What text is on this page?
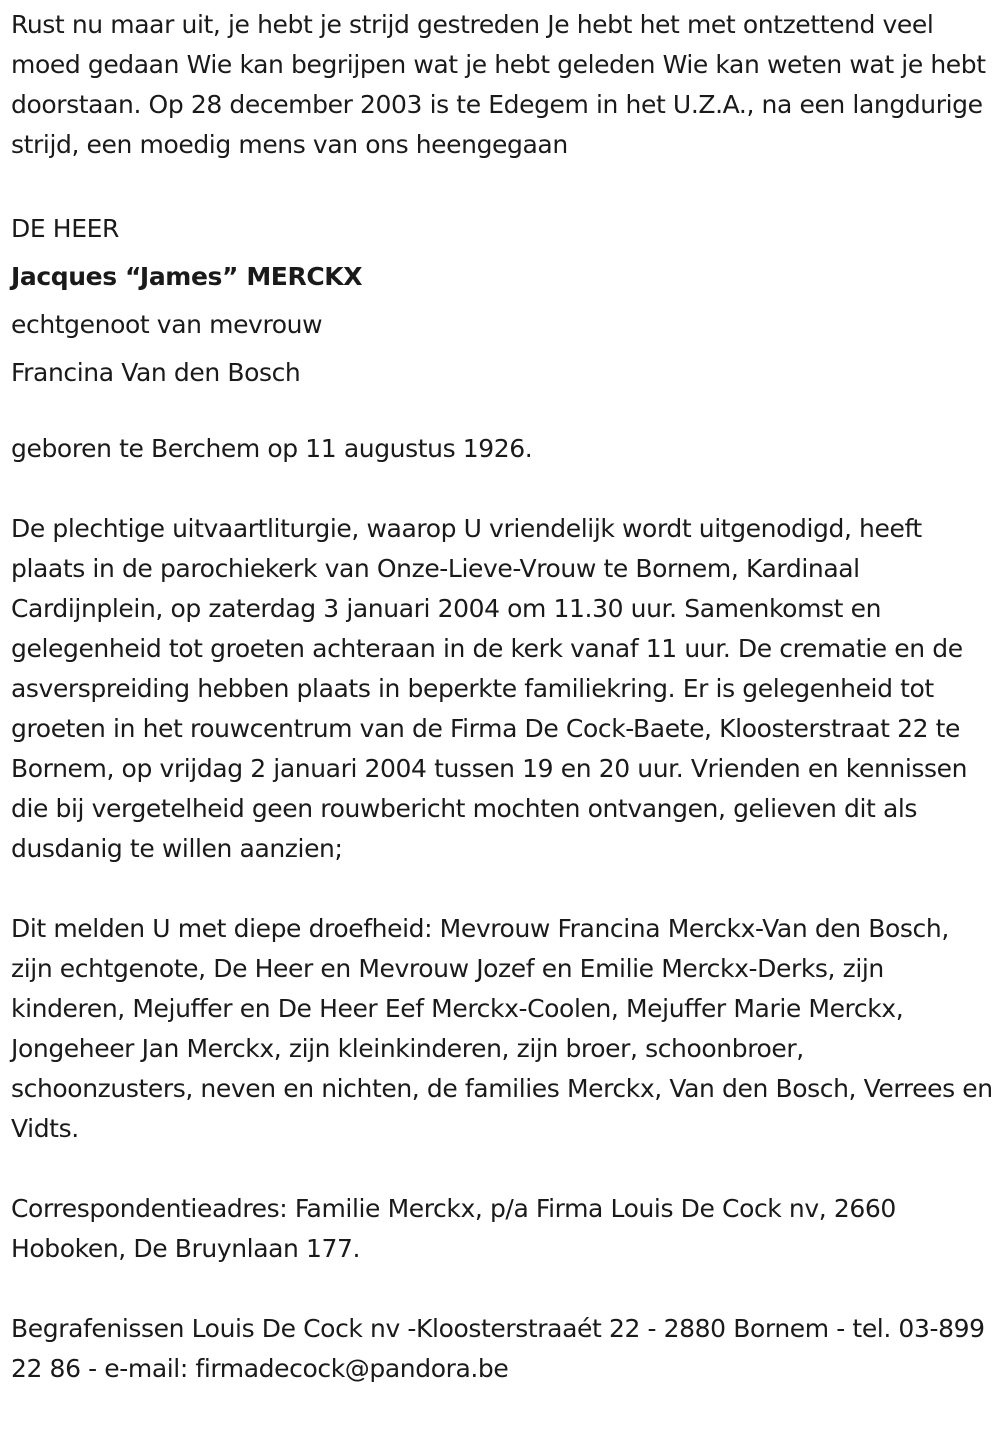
Rust nu maar uit, je hebt je strijd gestreden Je hebt het met ontzettend veel moed gedaan Wie kan begrijpen wat je hebt geleden Wie kan weten wat je hebt doorstaan. Op 28 december 2003 is te Edegem in het U.Z.A., na een langdurige strijd, een moedig mens van ons heengegaan

DE HEER

Jacques “James” MERCKX

echtgenoot van mevrouw

Francina Van den Bosch

geboren te Berchem op 11 augustus 1926.

De plechtige uitvaartliturgie, waarop U vriendelijk wordt uitgenodigd, heeft plaats in de parochiekerk van Onze-Lieve-Vrouw te Bornem, Kardinaal Cardijnplein, op zaterdag 3 januari 2004 om 11.30 uur. Samenkomst en gelegenheid tot groeten achteraan in de kerk vanaf 11 uur. De crematie en de asverspreiding hebben plaats in beperkte familiekring. Er is gelegenheid tot groeten in het rouwcentrum van de Firma De Cock-Baete, Kloosterstraat 22 te Bornem, op vrijdag 2 januari 2004 tussen 19 en 20 uur. Vrienden en kennissen die bij vergetelheid geen rouwbericht mochten ontvangen, gelieven dit als dusdanig te willen aanzien;

Dit melden U met diepe droefheid: Mevrouw Francina Merckx-Van den Bosch, zijn echtgenote, De Heer en Mevrouw Jozef en Emilie Merckx-Derks, zijn kinderen, Mejuffer en De Heer Eef Merckx-Coolen, Mejuffer Marie Merckx, Jongeheer Jan Merckx, zijn kleinkinderen, zijn broer, schoonbroer, schoonzusters, neven en nichten, de families Merckx, Van den Bosch, Verrees en Vidts.

Correspondentieadres: Familie Merckx, p/a Firma Louis De Cock nv, 2660 Hoboken, De Bruynlaan 177.

Begrafenissen Louis De Cock nv -Kloosterstraaét 22 - 2880 Bornem - tel. 03-899 22 86 - e-mail: firmadecock@pandora.be
